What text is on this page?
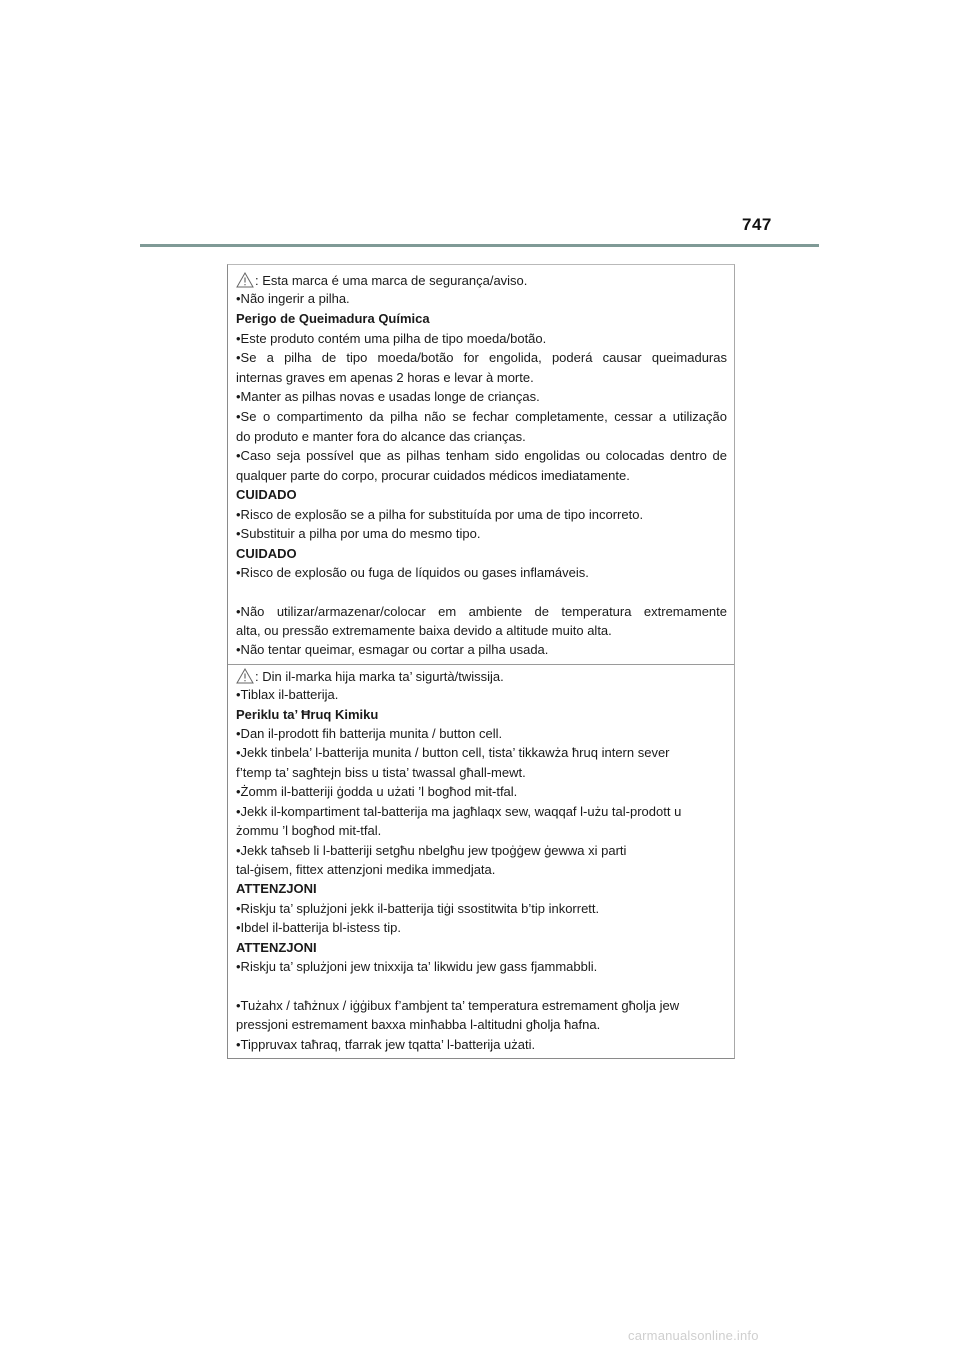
747
: Esta marca é uma marca de segurança/aviso.
•Não ingerir a pilha.
Perigo de Queimadura Química
•Este produto contém uma pilha de tipo moeda/botão.
•Se a pilha de tipo moeda/botão for engolida, poderá causar queimaduras
internas graves em apenas 2 horas e levar à morte.
•Manter as pilhas novas e usadas longe de crianças.
•Se o compartimento da pilha não se fechar completamente, cessar a utilização
do produto e manter fora do alcance das crianças.
•Caso seja possível que as pilhas tenham sido engolidas ou colocadas dentro de
qualquer parte do corpo, procurar cuidados médicos imediatamente.
CUIDADO
•Risco de explosão se a pilha for substituída por uma de tipo incorreto.
•Substituir a pilha por uma do mesmo tipo.
CUIDADO
•Risco de explosão ou fuga de líquidos ou gases inflamáveis.
•Não utilizar/armazenar/colocar em ambiente de temperatura extremamente
alta, ou pressão extremamente baixa devido a altitude muito alta.
•Não tentar queimar, esmagar ou cortar a pilha usada.
: Din il-marka hija marka ta’ sigurtà/twissija.
•Tiblax il-batterija.
Periklu ta’ Ħruq Kimiku
•Dan il-prodott fih batterija munita / button cell.
•Jekk tinbela’ l-batterija munita / button cell, tista’ tikkawża ħruq intern sever
f’temp ta’ sagħtejn biss u tista’ twassal għall-mewt.
•Żomm il-batteriji ġodda u użati ’l bogħod mit-tfal.
•Jekk il-kompartiment tal-batterija ma jagħlaqx sew, waqqaf l-użu tal-prodott u
żommu ’l bogħod mit-tfal.
•Jekk taħseb li l-batteriji setgħu nbelgħu jew tpoġġew ġewwa xi parti
tal-ġisem, fittex attenzjoni medika immedjata.
ATTENZJONI
•Riskju ta’ splużjoni jekk il-batterija tiġi ssostitwita b’tip inkorrett.
•Ibdel il-batterija bl-istess tip.
ATTENZJONI
•Riskju ta’ splużjoni jew tnixxija ta’ likwidu jew gass fjammabbli.
•Tużahx / taħżnux / iġġibux f’ambjent ta’ temperatura estremament għolja jew
pressjoni estremament baxxa minħabba l-altitudni għolja ħafna.
•Tippruvax taħraq, tfarrak jew tqatta’ l-batterija użati.
carmanualsonline.info
